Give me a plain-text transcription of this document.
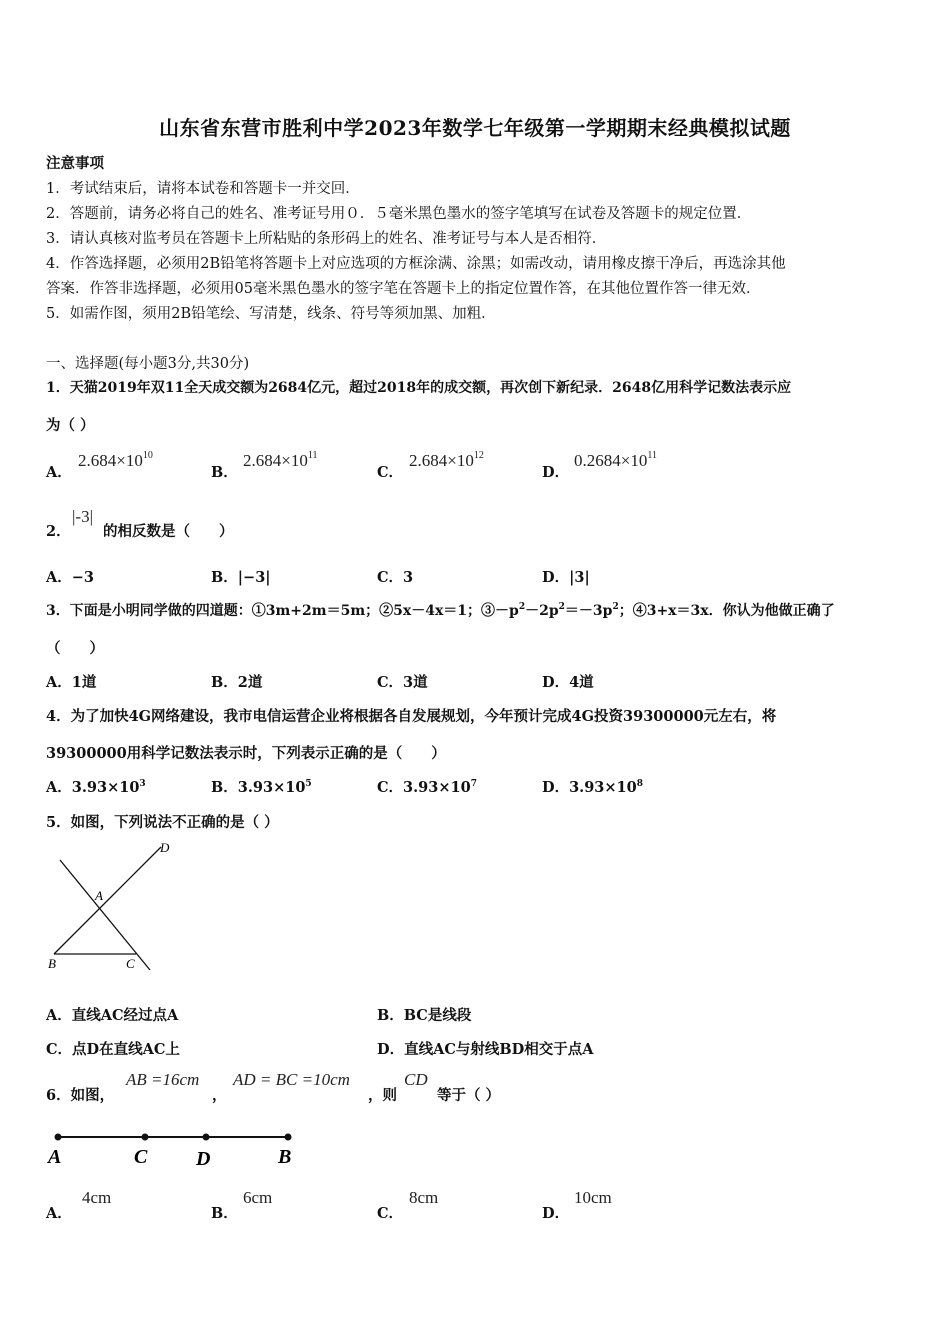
山东省东营市胜利中学2023年数学七年级第一学期期末经典模拟试题
注意事项
1．考试结束后，请将本试卷和答题卡一并交回．
2．答题前，请务必将自己的姓名、准考证号用０．５毫米黑色墨水的签字笔填写在试卷及答题卡的规定位置．
3．请认真核对监考员在答题卡上所粘贴的条形码上的姓名、准考证号与本人是否相符．
4．作答选择题，必须用2B铅笔将答题卡上对应选项的方框涂满、涂黑；如需改动，请用橡皮擦干净后，再选涂其他
答案．作答非选择题，必须用05毫米黑色墨水的签字笔在答题卡上的指定位置作答，在其他位置作答一律无效．
5．如需作图，须用2B铅笔绘、写清楚，线条、符号等须加黑、加粗．
一、选择题(每小题3分,共30分)
1．天猫2019年双11全天成交额为2684亿元，超过2018年的成交额，再次创下新纪录．2648亿用科学记数法表示应
为（ ）
A．
$2.684\times 10^{10}$
B．
$2.684\times 10^{11}$
C．
$2.684\times 10^{12}$
D．
$0.2684\times 10^{11}$
2．
|-3|
的相反数是（　　）
A．−3	B．|−3|	C．3	D．|3|
3．下面是小明同学做的四道题：①3m+2m＝5m；②5x－4x＝1；$③-p^2-2p^2=-3p^2$；④3+x＝3x．你认为他做正确了
（　　）
A．1道	B．2道	C．3道	D．4道
4．为了加快4G网络建设，我市电信运营企业将根据各自发展规划，今年预计完成4G投资39300000元左右，将
39300000用科学记数法表示时，下列表示正确的是（　　）
A．$3.93\times 10^3$	B．$3.93\times 10^5$	C．$3.93\times 10^7$	D．$3.93\times 10^8$
5．如图，下列说法不正确的是（ ）
D
A
B	C
A．直线AC经过点A	B．BC是线段
C．点D在直线AC上	D．直线AC与射线BD相交于点A
6．如图，
AB =16cm
，
AD = BC =10cm
，则
CD
等于（ ）
A	C D	B
A．
4cm
B．
6cm
C．
8cm
D．
10cm
